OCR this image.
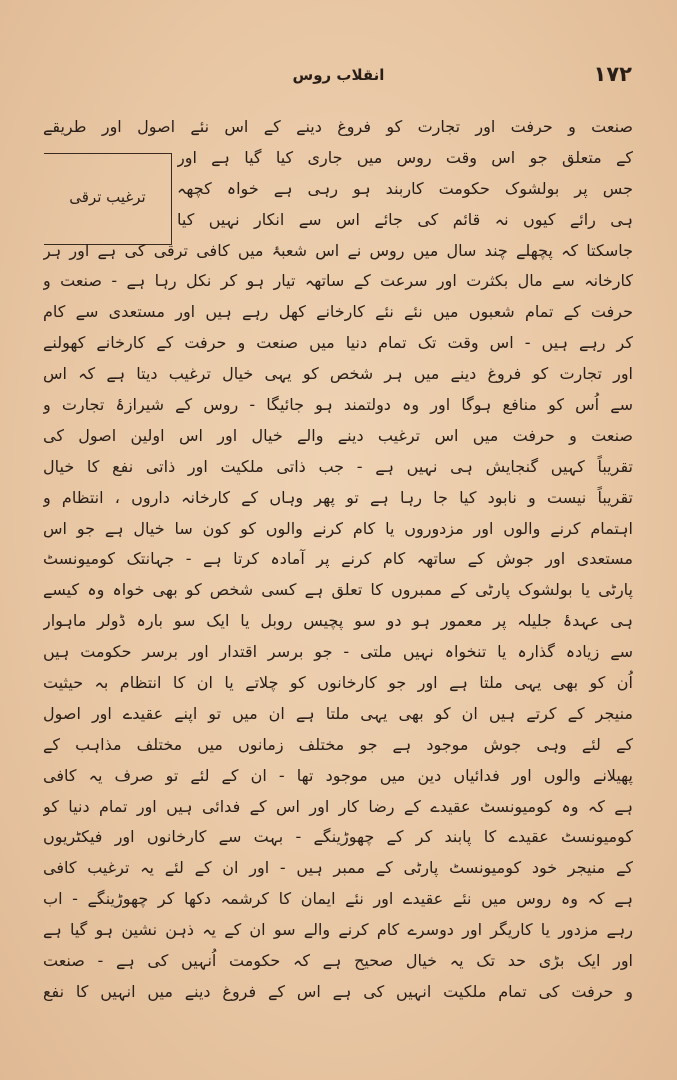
۱۷۲
انقلاب روس
ترغیب ترقی
صنعت و حرفت اور تجارت کو فروغ دینے کے اس نئے اصول اور طریقے
کے متعلق جو اس وقت روس میں جاری کیا گیا ہے اور
جس پر بولشوک حکومت کاربند ہو رہی ہے خواہ کچھہ
ہی رائے کیوں نہ قائم کی جائے اس سے انکار نہیں کیا
جاسکتا کہ پچھلے چند سال میں روس نے اس شعبۂ میں کافی ترقی کی ہے اور ہر
کارخانہ سے مال بکثرت اور سرعت کے ساتھہ تیار ہو کر نکل رہا ہے - صنعت و
حرفت کے تمام شعبوں میں نئے نئے کارخانے کھل رہے ہیں اور مستعدی سے کام
کر رہے ہیں - اس وقت تک تمام دنیا میں صنعت و حرفت کے کارخانے کھولنے
اور تجارت کو فروغ دینے میں ہر شخص کو یہی خیال ترغیب دیتا ہے کہ اس
سے اُس کو منافع ہوگا اور وہ دولتمند ہو جائیگا - روس کے شیرازۂ تجارت و
صنعت و حرفت میں اس ترغیب دینے والے خیال اور اس اولین اصول کی
تقریباً کہیں گنجایش ہی نہیں ہے - جب ذاتی ملکیت اور ذاتی نفع کا خیال
تقریباً نیست و نابود کیا جا رہا ہے تو پھر وہاں کے کارخانہ داروں ، انتظام و
اہتمام کرنے والوں اور مزدوروں یا کام کرنے والوں کو کون سا خیال ہے جو اس
مستعدی اور جوش کے ساتھہ کام کرنے پر آمادہ کرتا ہے - جہانتک کومیونسٹ
پارٹی یا بولشوک پارٹی کے ممبروں کا تعلق ہے کسی شخص کو بھی خواہ وہ کیسے
ہی عہدۂ جلیلہ پر معمور ہو دو سو پچیس روبل یا ایک سو بارہ ڈولر ماہوار
سے زیادہ گذارہ یا تنخواہ نہیں ملتی - جو برسر اقتدار اور برسر حکومت ہیں
اُن کو بھی یہی ملتا ہے اور جو کارخانوں کو چلاتے یا ان کا انتظام بہ حیثیت
منیجر کے کرتے ہیں ان کو بھی یہی ملتا ہے ان میں تو اپنے عقیدے اور اصول
کے لئے وہی جوش موجود ہے جو مختلف زمانوں میں مختلف مذاہب کے
پھیلانے والوں اور فدائیاں دین میں موجود تھا - ان کے لئے تو صرف یہ کافی
ہے کہ وہ کومیونسٹ عقیدے کے رضا کار اور اس کے فدائی ہیں اور تمام دنیا کو
کومیونسٹ عقیدے کا پابند کر کے چھوڑینگے - بہت سے کارخانوں اور فیکٹریوں
کے منیجر خود کومیونسٹ پارٹی کے ممبر ہیں - اور ان کے لئے یہ ترغیب کافی
ہے کہ وہ روس میں نئے عقیدے اور نئے ایمان کا کرشمہ دکھا کر چھوڑینگے - اب
رہے مزدور یا کاریگر اور دوسرے کام کرنے والے سو ان کے یہ ذہن نشین ہو گیا ہے
اور ایک بڑی حد تک یہ خیال صحیح ہے کہ حکومت اُنہیں کی ہے - صنعت
و حرفت کی تمام ملکیت انہیں کی ہے اس کے فروغ دینے میں انہیں کا نفع
